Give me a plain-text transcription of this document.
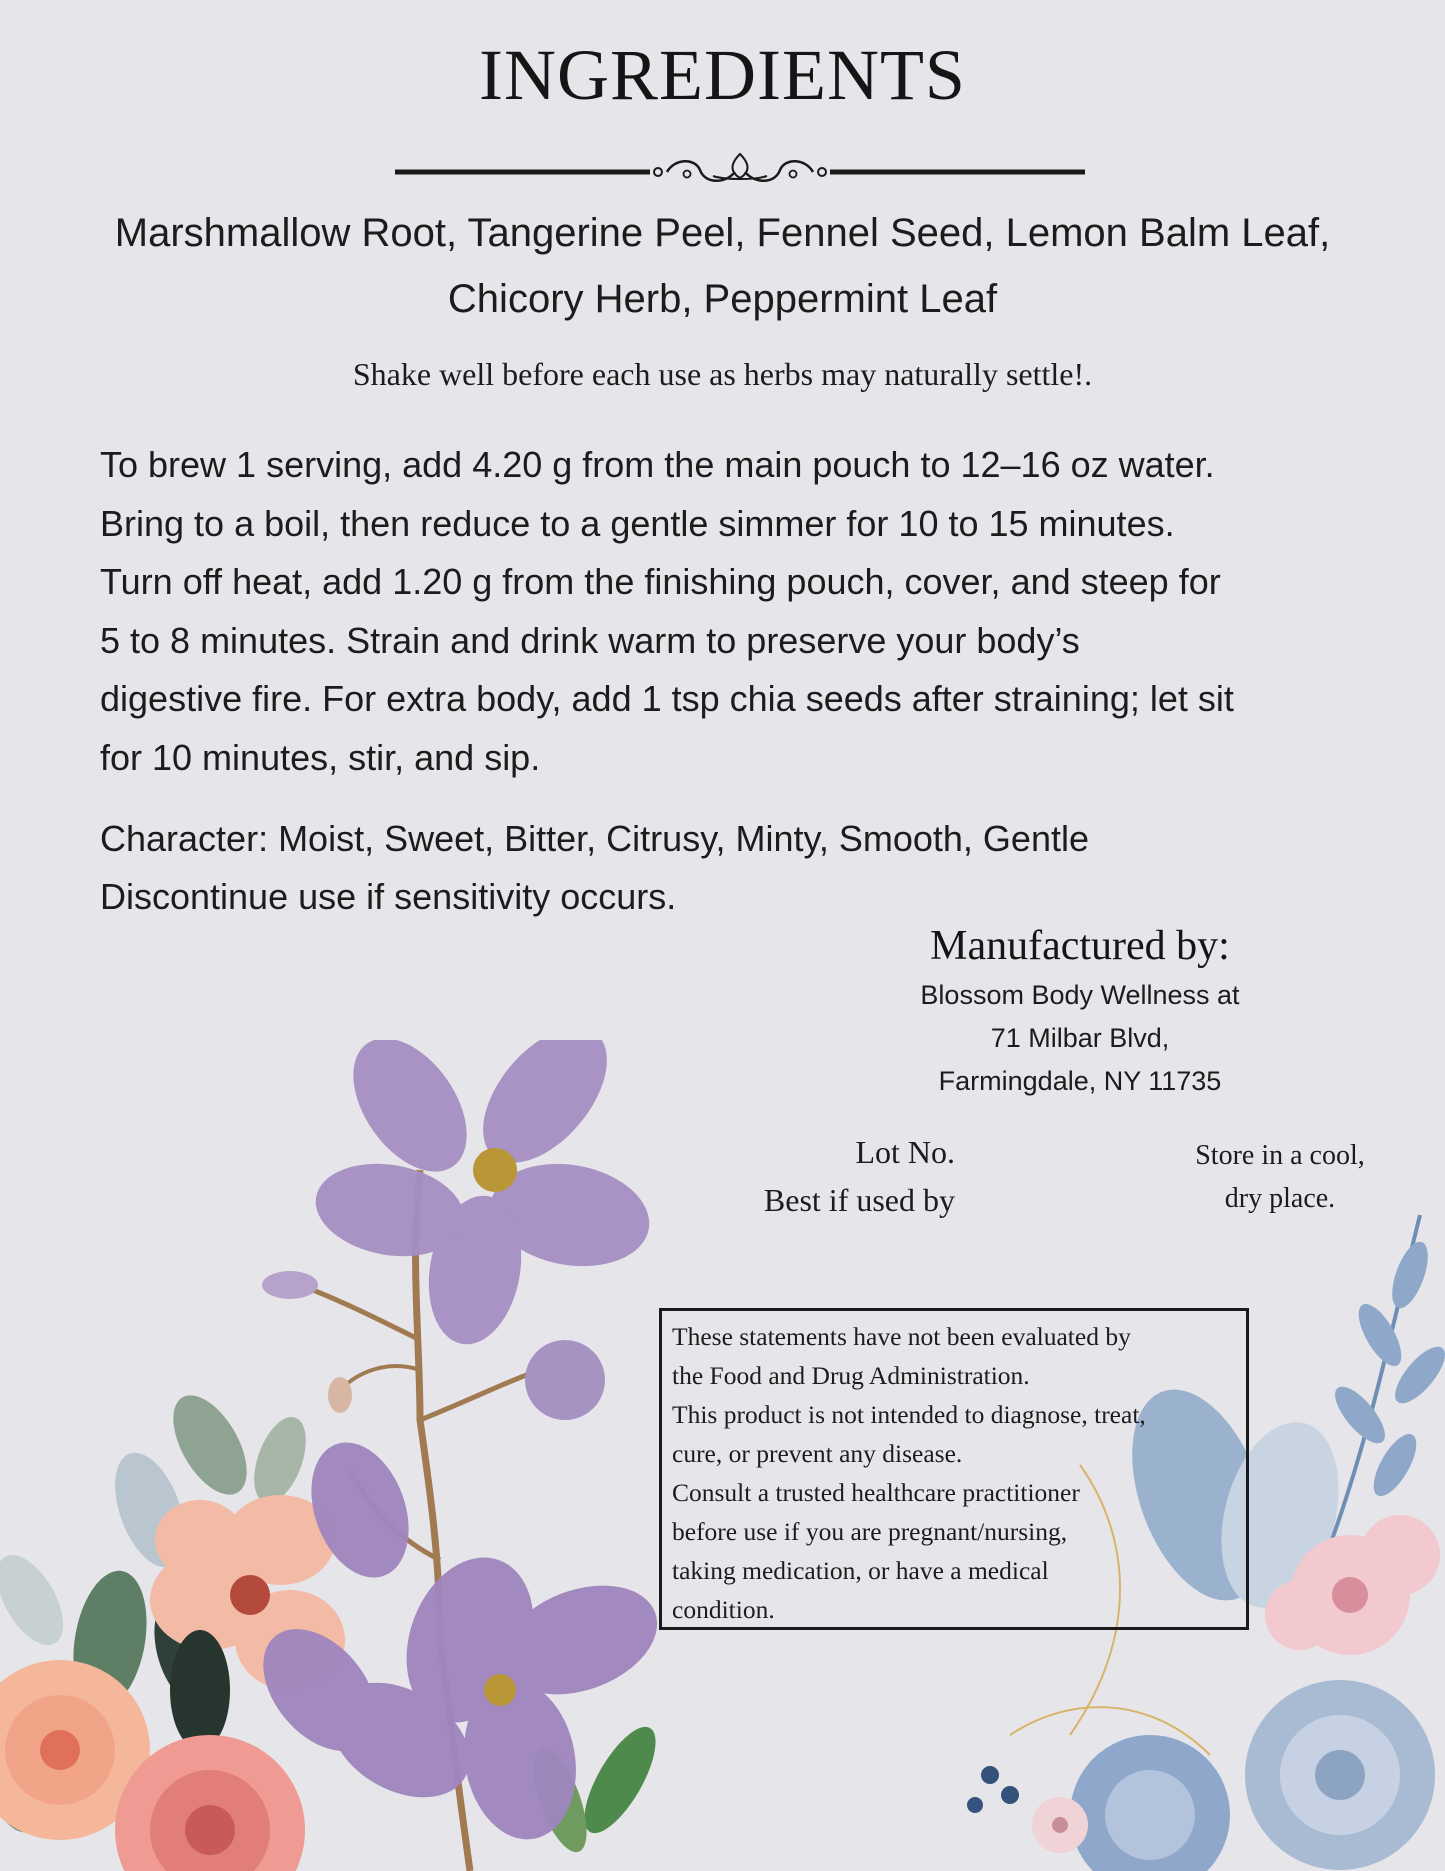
INGREDIENTS
Marshmallow Root, Tangerine Peel, Fennel Seed, Lemon Balm Leaf,
Chicory Herb, Peppermint Leaf
Shake well before each use as herbs may naturally settle!.
To brew 1 serving, add 4.20 g from the main pouch to 12–16 oz water.
Bring to a boil, then reduce to a gentle simmer for 10 to 15 minutes.
Turn off heat, add 1.20 g from the finishing pouch, cover, and steep for
5 to 8 minutes. Strain and drink warm to preserve your body’s
digestive fire. For extra body, add 1 tsp chia seeds after straining; let sit
for 10 minutes, stir, and sip.
Character: Moist, Sweet, Bitter, Citrusy, Minty, Smooth, Gentle
Discontinue use if sensitivity occurs.
Manufactured by:
Blossom Body Wellness at
71 Milbar Blvd,
Farmingdale, NY 11735
Lot No.
Best if used by
Store in a cool,
dry place.
These statements have not been evaluated by
the Food and Drug Administration.
This product is not intended to diagnose, treat,
cure, or prevent any disease.
Consult a trusted healthcare practitioner
before use if you are pregnant/nursing,
taking medication, or have a medical
condition.
